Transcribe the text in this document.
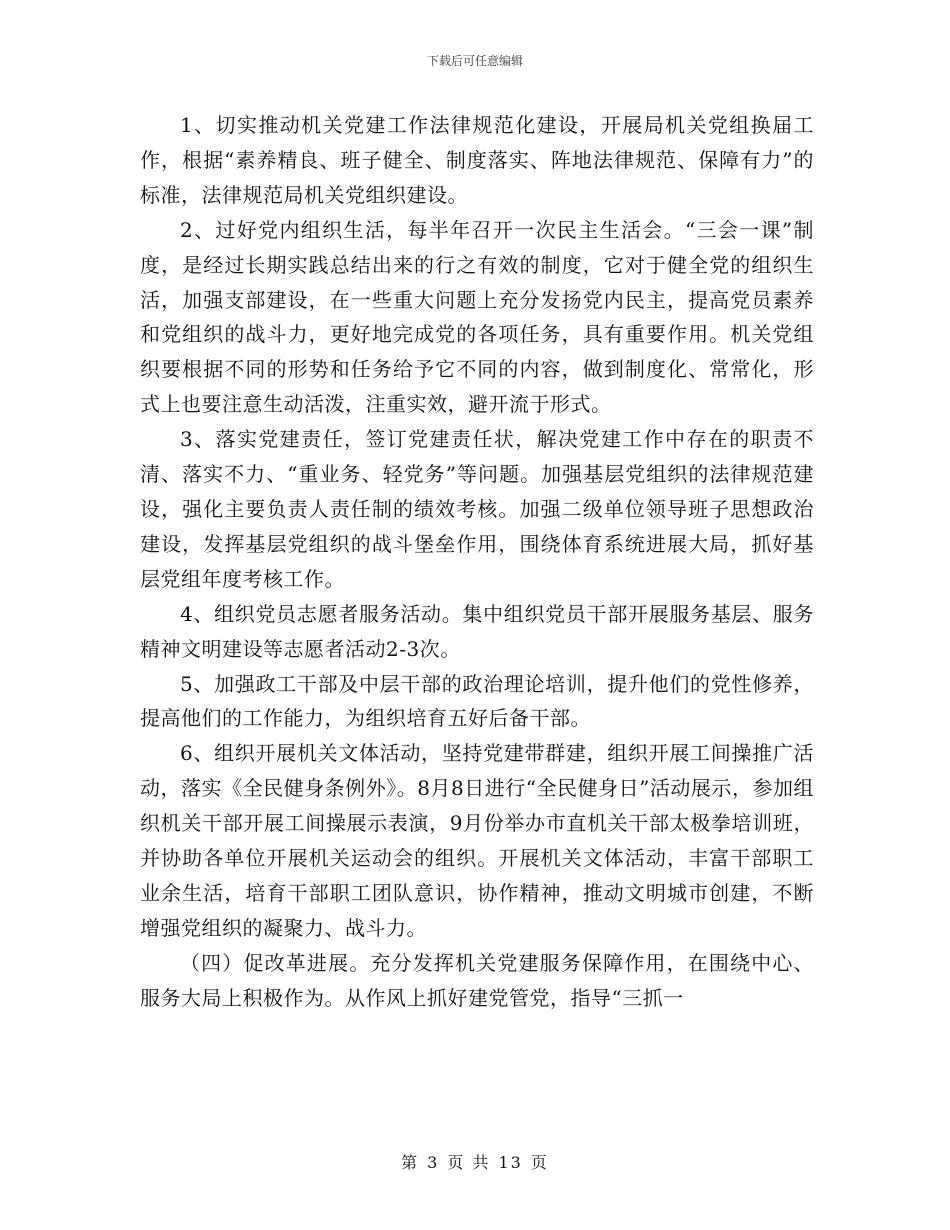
下载后可任意编辑

1、切实推动机关党建工作法律规范化建设，开展局机关党组换届工作，根据“素养精良、班子健全、制度落实、阵地法律规范、保障有力”的标准，法律规范局机关党组织建设。

2、过好党内组织生活，每半年召开一次民主生活会。“三会一课”制度，是经过长期实践总结出来的行之有效的制度，它对于健全党的组织生活，加强支部建设，在一些重大问题上充分发扬党内民主，提高党员素养和党组织的战斗力，更好地完成党的各项任务，具有重要作用。机关党组织要根据不同的形势和任务给予它不同的内容，做到制度化、常常化，形式上也要注意生动活泼，注重实效，避开流于形式。

3、落实党建责任，签订党建责任状，解决党建工作中存在的职责不清、落实不力、“重业务、轻党务”等问题。加强基层党组织的法律规范建设，强化主要负责人责任制的绩效考核。加强二级单位领导班子思想政治建设，发挥基层党组织的战斗堡垒作用，围绕体育系统进展大局，抓好基层党组年度考核工作。

4、组织党员志愿者服务活动。集中组织党员干部开展服务基层、服务精神文明建设等志愿者活动2-3次。

5、加强政工干部及中层干部的政治理论培训，提升他们的党性修养，提高他们的工作能力，为组织培育五好后备干部。

6、组织开展机关文体活动，坚持党建带群建，组织开展工间操推广活动，落实《全民健身条例外》。8月8日进行“全民健身日”活动展示，参加组织机关干部开展工间操展示表演，9月份举办市直机关干部太极拳培训班，并协助各单位开展机关运动会的组织。开展机关文体活动，丰富干部职工业余生活，培育干部职工团队意识，协作精神，推动文明城市创建，不断增强党组织的凝聚力、战斗力。

（四）促改革进展。充分发挥机关党建服务保障作用，在围绕中心、服务大局上积极作为。从作风上抓好建党管党，指导“三抓一

第 3 页 共 13 页
